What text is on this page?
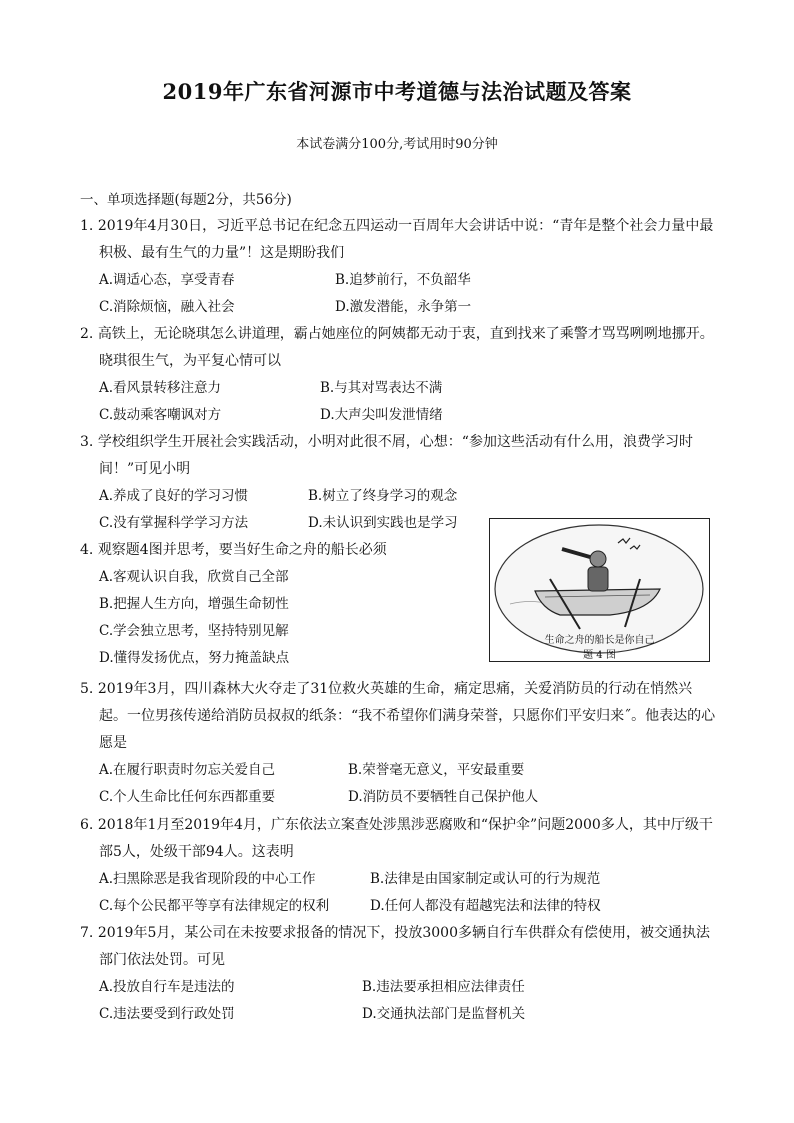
2019年广东省河源市中考道德与法治试题及答案
本试卷满分100分,考试用时90分钟
一、单项选择题(每题2分，共56分)
1. 2019年4月30日，习近平总书记在纪念五四运动一百周年大会讲话中说：“青年是整个社会力量中最积极、最有生气的力量”！这是期盼我们
A.调适心态，享受青春	B.追梦前行，不负韶华
C.消除烦恼，融入社会	D.激发潜能，永争第一
2. 高铁上，无论晓琪怎么讲道理，霸占她座位的阿姨都无动于衷，直到找来了乘警才骂骂咧咧地挪开。晓琪很生气，为平复心情可以
A.看风景转移注意力	B.与其对骂表达不满
C.鼓动乘客嘲讽对方	D.大声尖叫发泄情绪
3. 学校组织学生开展社会实践活动，小明对此很不屑，心想：“参加这些活动有什么用，浪费学习时间！”可见小明
A.养成了良好的学习习惯	B.树立了终身学习的观念
C.没有掌握科学学习方法	D.未认识到实践也是学习
4. 观察题4图并思考，要当好生命之舟的船长必须
A.客观认识自我，欣赏自己全部
B.把握人生方向，增强生命韧性
C.学会独立思考，坚持特别见解
D.懂得发扬优点，努力掩盖缺点
生命之舟的船长是你自己
题 4 图
5. 2019年3月，四川森林大火夺走了31位救火英雄的生命，痛定思痛，关爱消防员的行动在悄然兴起。一位男孩传递给消防员叔叔的纸条：“我不希望你们满身荣誉，只愿你们平安归来˝。他表达的心愿是
A.在履行职责时勿忘关爱自己	B.荣誉毫无意义，平安最重要
C.个人生命比任何东西都重要	D.消防员不要牺牲自己保护他人
6. 2018年1月至2019年4月，广东依法立案查处涉黑涉恶腐败和“保护伞”问题2000多人，其中厅级干部5人，处级干部94人。这表明
A.扫黑除恶是我省现阶段的中心工作	B.法律是由国家制定或认可的行为规范
C.每个公民都平等享有法律规定的权利	D.任何人都没有超越宪法和法律的特权
7. 2019年5月，某公司在未按要求报备的情况下，投放3000多辆自行车供群众有偿使用，被交通执法部门依法处罚。可见
A.投放自行车是违法的	B.违法要承担相应法律责任
C.违法要受到行政处罚	D.交通执法部门是监督机关
